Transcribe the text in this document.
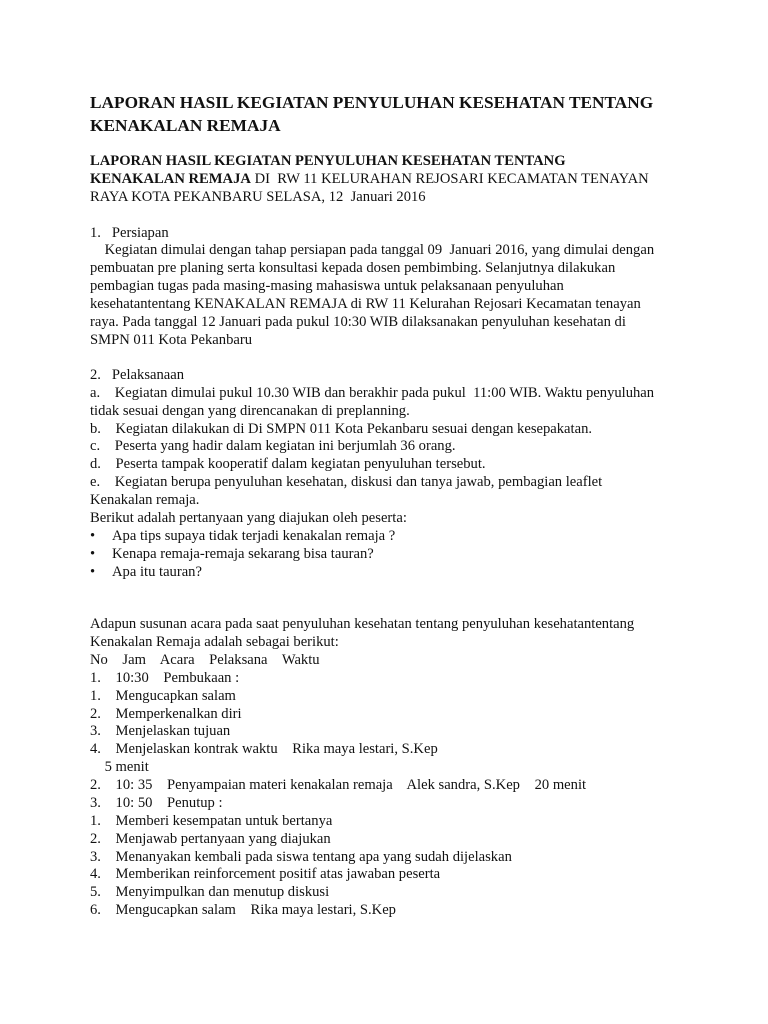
LAPORAN HASIL KEGIATAN PENYULUHAN KESEHATAN TENTANG
KENAKALAN REMAJA
LAPORAN HASIL KEGIATAN PENYULUHAN KESEHATAN TENTANG
KENAKALAN REMAJA DI  RW 11 KELURAHAN REJOSARI KECAMATAN TENAYAN
RAYA KOTA PEKANBARU SELASA, 12  Januari 2016
1.   Persiapan
Kegiatan dimulai dengan tahap persiapan pada tanggal 09  Januari 2016, yang dimulai dengan
pembuatan pre planing serta konsultasi kepada dosen pembimbing. Selanjutnya dilakukan
pembagian tugas pada masing-masing mahasiswa untuk pelaksanaan penyuluhan
kesehatantentang KENAKALAN REMAJA di RW 11 Kelurahan Rejosari Kecamatan tenayan
raya. Pada tanggal 12 Januari pada pukul 10:30 WIB dilaksanakan penyuluhan kesehatan di
SMPN 011 Kota Pekanbaru
2.   Pelaksanaan
a.    Kegiatan dimulai pukul 10.30 WIB dan berakhir pada pukul  11:00 WIB. Waktu penyuluhan
tidak sesuai dengan yang direncanakan di preplanning.
b.    Kegiatan dilakukan di Di SMPN 011 Kota Pekanbaru sesuai dengan kesepakatan.
c.    Peserta yang hadir dalam kegiatan ini berjumlah 36 orang.
d.    Peserta tampak kooperatif dalam kegiatan penyuluhan tersebut.
e.    Kegiatan berupa penyuluhan kesehatan, diskusi dan tanya jawab, pembagian leaflet
Kenakalan remaja.
Berikut adalah pertanyaan yang diajukan oleh peserta:
• Apa tips supaya tidak terjadi kenakalan remaja ?
• Kenapa remaja-remaja sekarang bisa tauran?
• Apa itu tauran?
Adapun susunan acara pada saat penyuluhan kesehatan tentang penyuluhan kesehatantentang
Kenakalan Remaja adalah sebagai berikut:
No    Jam    Acara    Pelaksana    Waktu
1.    10:30    Pembukaan :
1.    Mengucapkan salam
2.    Memperkenalkan diri
3.    Menjelaskan tujuan
4.    Menjelaskan kontrak waktu    Rika maya lestari, S.Kep
5 menit
2.    10: 35    Penyampaian materi kenakalan remaja    Alek sandra, S.Kep    20 menit
3.    10: 50    Penutup :
1.    Memberi kesempatan untuk bertanya
2.    Menjawab pertanyaan yang diajukan
3.    Menanyakan kembali pada siswa tentang apa yang sudah dijelaskan
4.    Memberikan reinforcement positif atas jawaban peserta
5.    Menyimpulkan dan menutup diskusi
6.    Mengucapkan salam    Rika maya lestari, S.Kep
